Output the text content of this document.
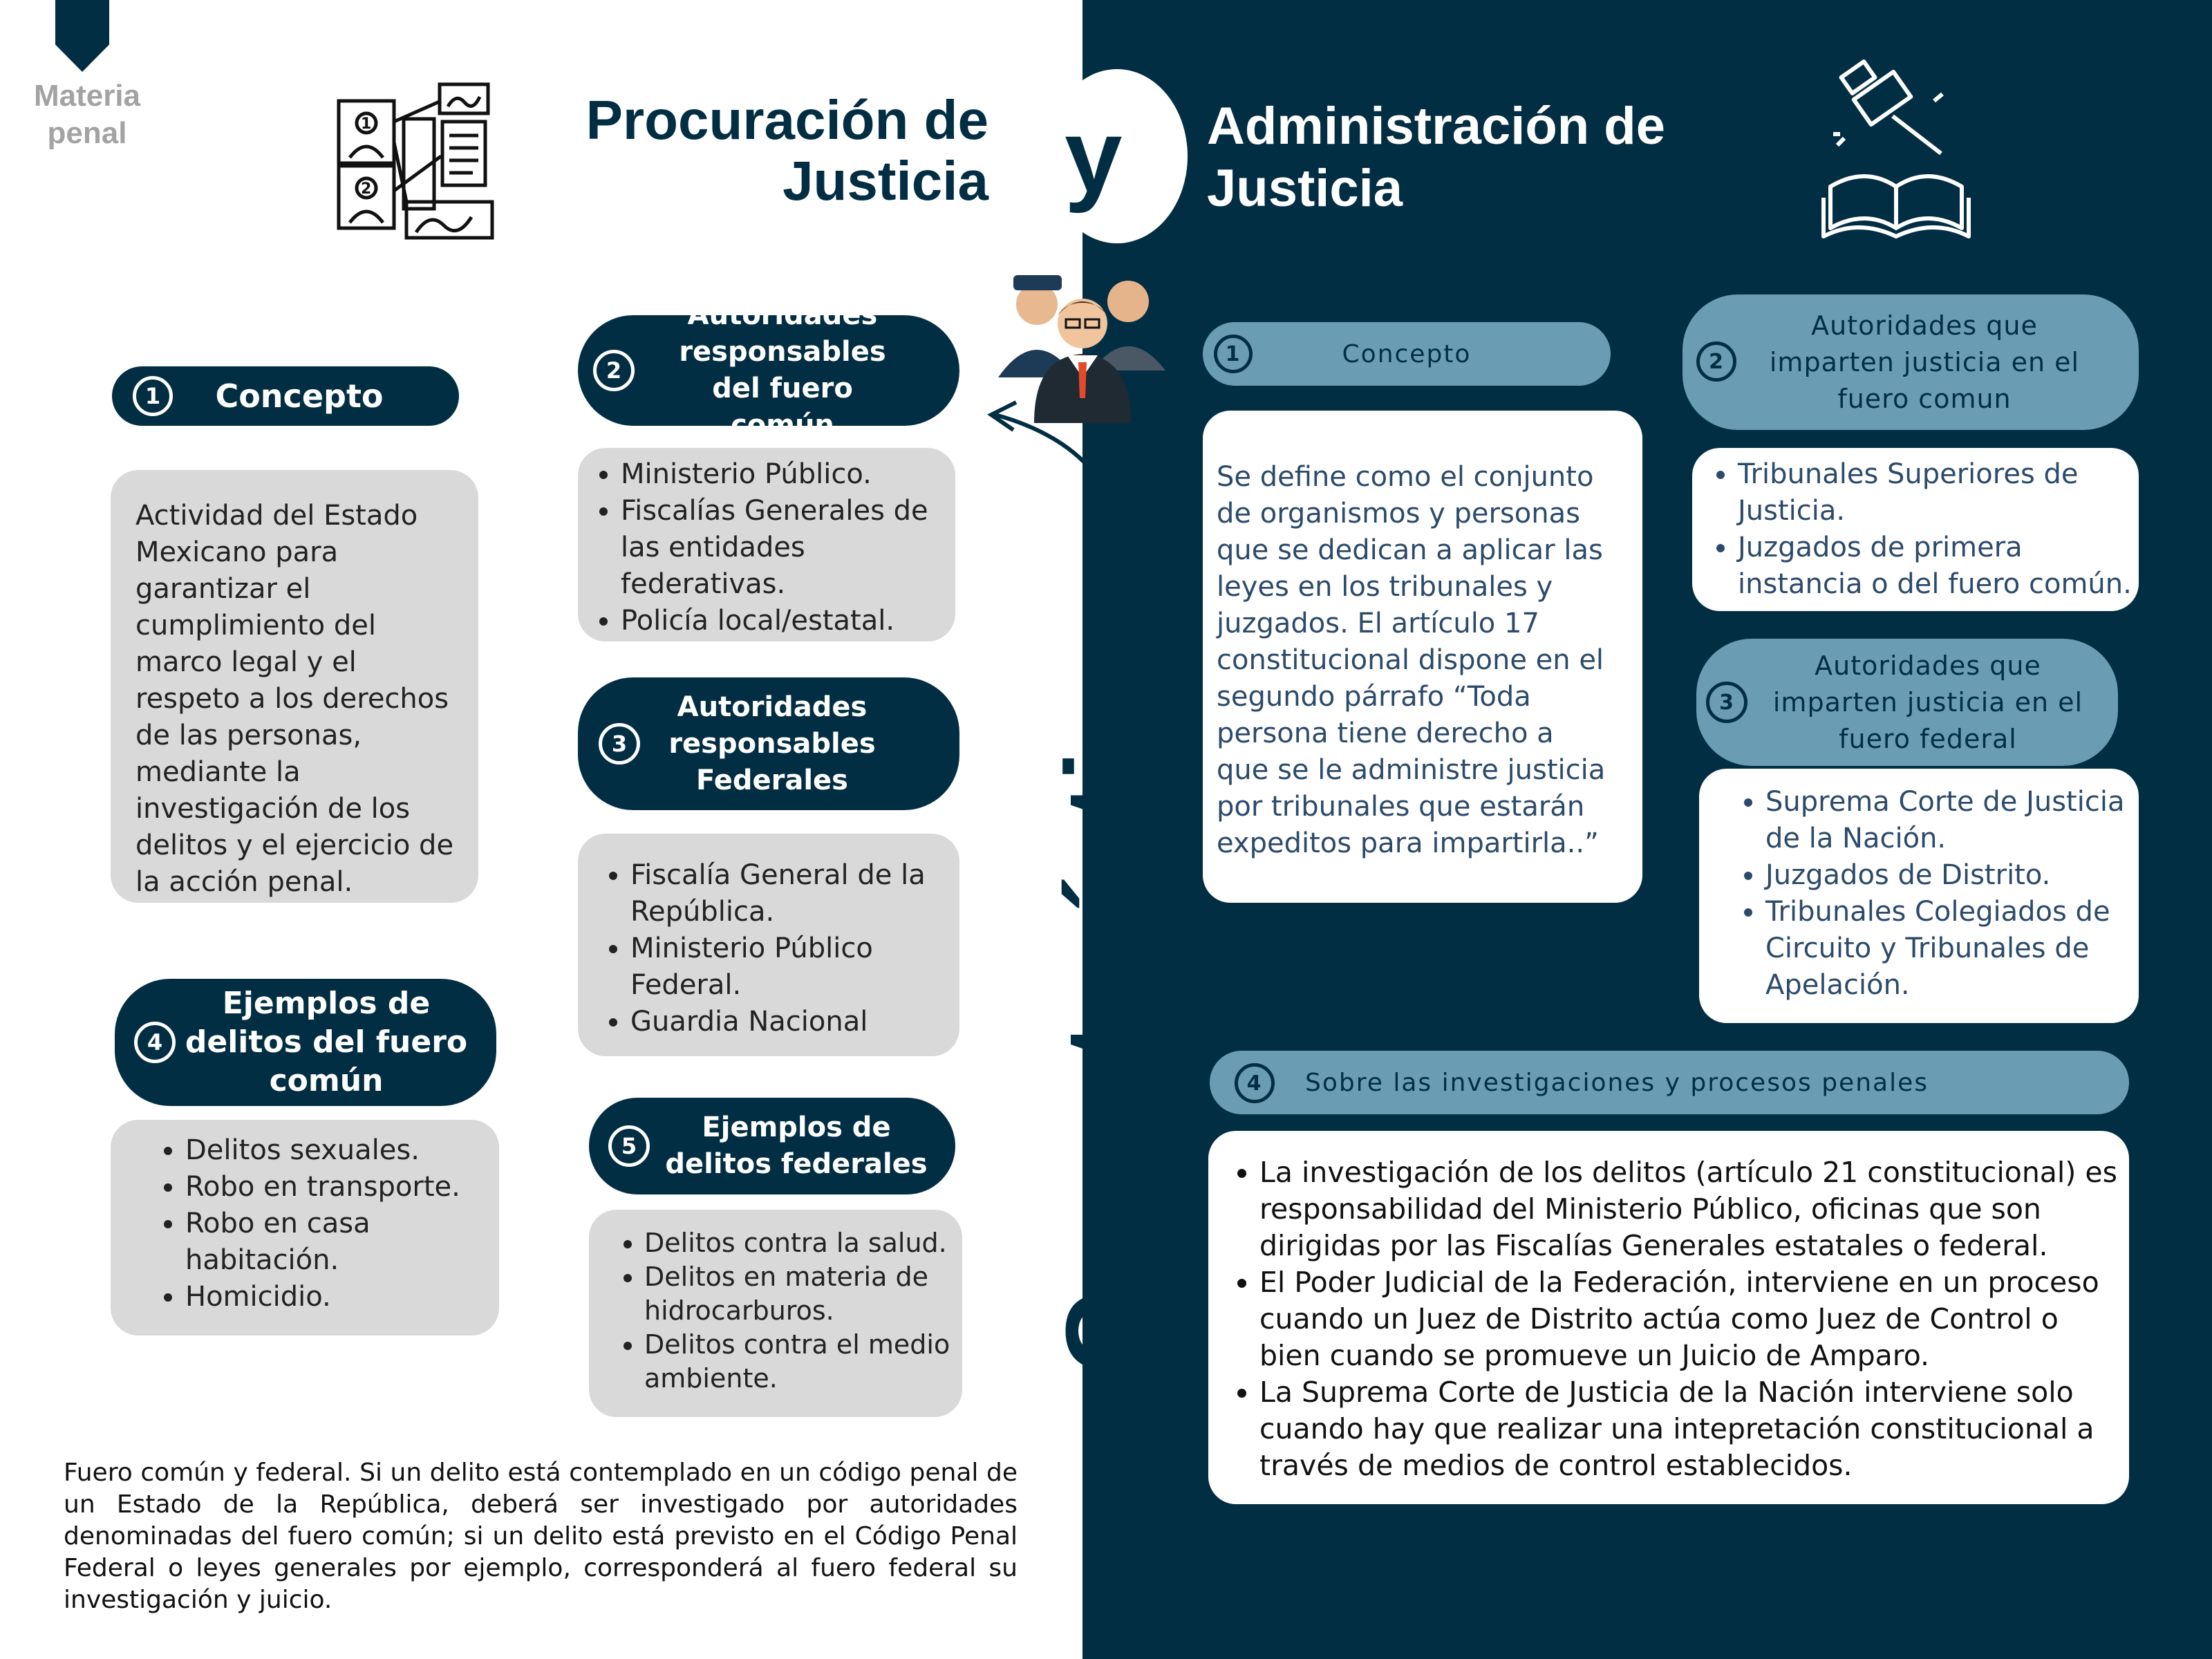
Materia penal	Procuración de
Justicia y Administración de
Justicia
1
2
Características
1	Concepto
Actividad del Estado Mexicano para garantizar el cumplimiento del marco legal y el respeto a los derechos de las personas, mediante la investigación de los delitos y el ejercicio de la acción penal.
2
Autoridades responsables del fuero común
• Ministerio Público.
• Fiscalías Generales de las entidades federativas.
• Policía local/estatal.
3
Autoridades responsables Federales
• Fiscalía General de la República.
• Ministerio Público Federal.
• Guardia Nacional
4
Ejemplos de delitos del fuero común
• Delitos sexuales.
• Robo en transporte.
• Robo en casa habitación.
• Homicidio.
5
Ejemplos de delitos federales
• Delitos contra la salud.
• Delitos en materia de hidrocarburos.
• Delitos contra el medio ambiente.
Fuero común y federal. Si un delito está contemplado en un código penal de un Estado de la República, deberá ser investigado por autoridades denominadas del fuero común; si un delito está previsto en el Código Penal Federal o leyes generales por ejemplo, corresponderá al fuero federal su investigación y juicio.
1	Concepto
Se define como el conjunto de organismos y personas que se dedican a aplicar las leyes en los tribunales y juzgados. El artículo 17 constitucional dispone en el segundo párrafo “Toda persona tiene derecho a que se le administre justicia por tribunales que estarán expeditos para impartirla..”
2
Autoridades que imparten justicia en el fuero comun
• Tribunales Superiores de Justicia.
• Juzgados de primera instancia o del fuero común.
3
Autoridades que imparten justicia en el fuero federal
• Suprema Corte de Justicia de la Nación.
• Juzgados de Distrito.
• Tribunales Colegiados de Circuito y Tribunales de Apelación.
4	Sobre las investigaciones y procesos penales
• La investigación de los delitos (artículo 21 constitucional) es responsabilidad del Ministerio Público, oficinas que son dirigidas por las Fiscalías Generales estatales o federal.
• El Poder Judicial de la Federación, interviene en un proceso cuando un Juez de Distrito actúa como Juez de Control o bien cuando se promueve un Juicio de Amparo.
• La Suprema Corte de Justicia de la Nación interviene solo cuando hay que realizar una intepretación constitucional a través de medios de control establecidos.
